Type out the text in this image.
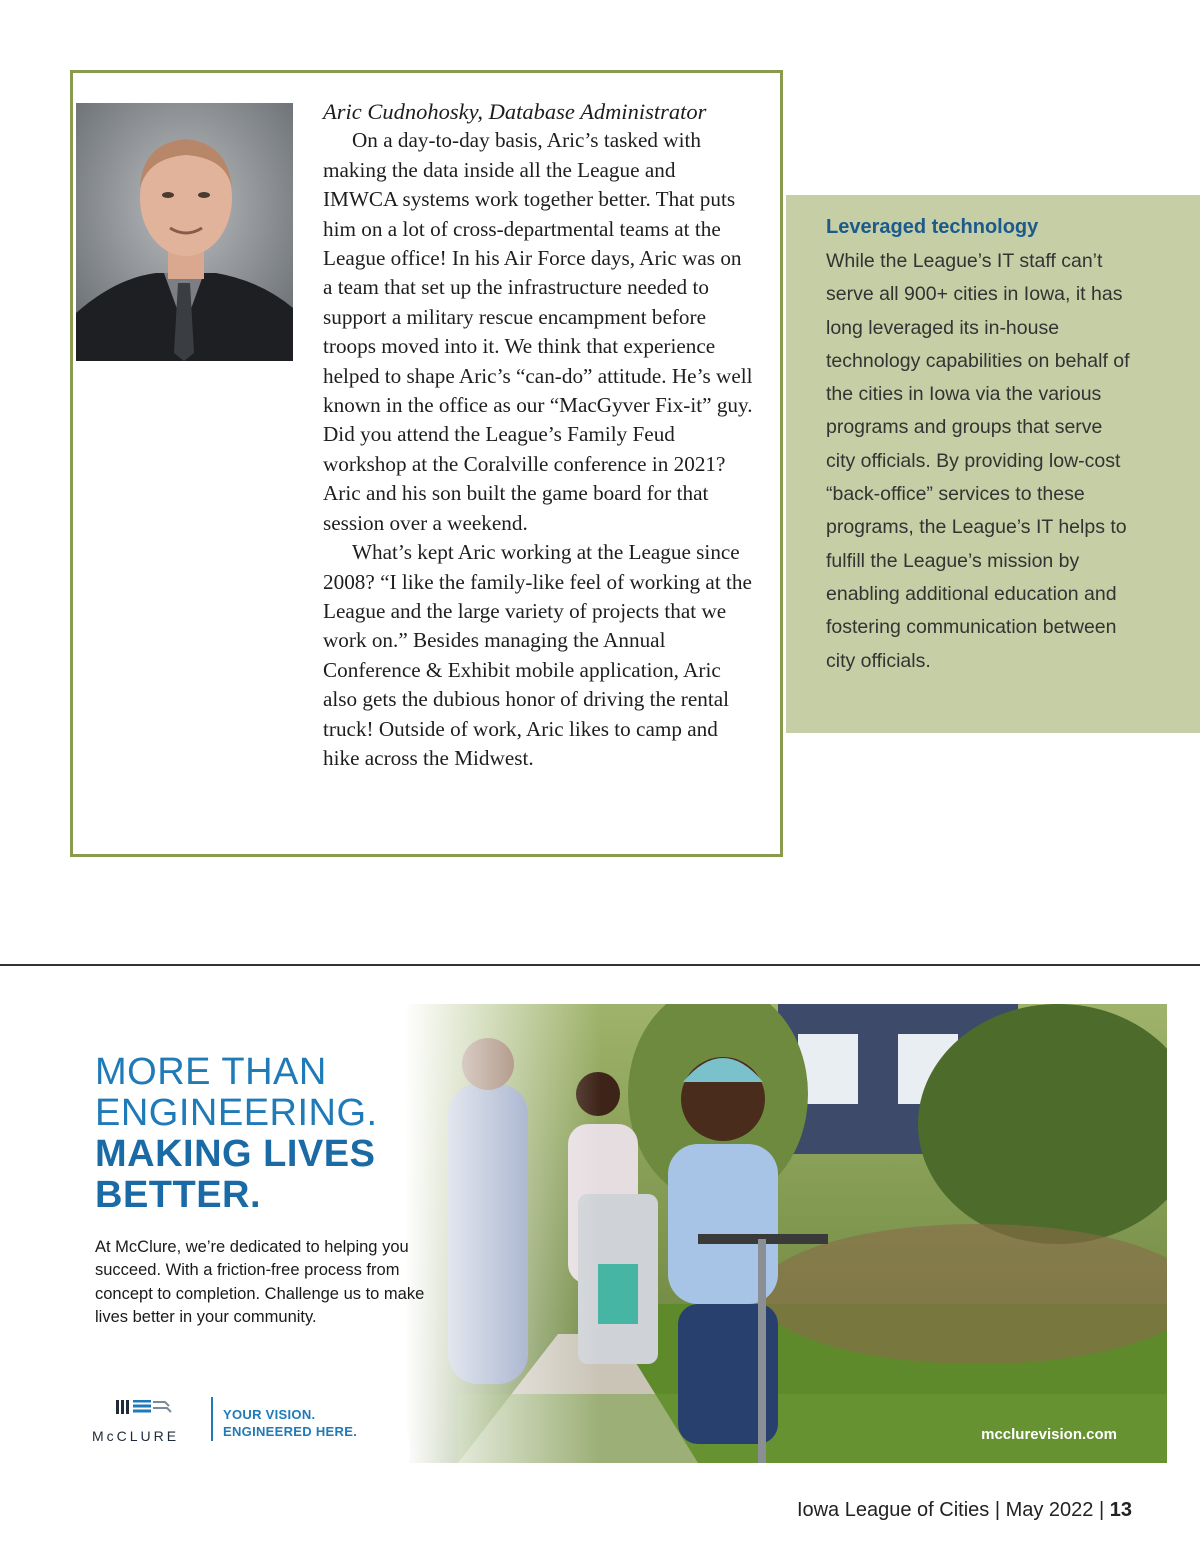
Aric Cudnohosky, Database Administrator

On a day-to-day basis, Aric’s tasked with making the data inside all the League and IMWCA systems work together better. That puts him on a lot of cross-departmental teams at the League office! In his Air Force days, Aric was on a team that set up the infrastructure needed to support a military rescue encampment before troops moved into it. We think that experience helped to shape Aric’s “can-do” attitude. He’s well known in the office as our “MacGyver Fix-it” guy. Did you attend the League’s Family Feud workshop at the Coralville conference in 2021? Aric and his son built the game board for that session over a weekend.

What’s kept Aric working at the League since 2008? “I like the family-like feel of working at the League and the large variety of projects that we work on.” Besides managing the Annual Conference & Exhibit mobile application, Aric also gets the dubious honor of driving the rental truck! Outside of work, Aric likes to camp and hike across the Midwest.

Leveraged technology

While the League’s IT staff can’t serve all 900+ cities in Iowa, it has long leveraged its in-house technology capabilities on behalf of the cities in Iowa via the various programs and groups that serve city officials. By providing low-cost “back-office” services to these programs, the League’s IT helps to fulfill the League’s mission by enabling additional education and fostering communication between city officials.

MORE THAN
ENGINEERING.
MAKING LIVES
BETTER.
At McClure, we’re dedicated to helping you succeed. With a friction-free process from concept to completion. Challenge us to make lives better in your community.
McCLURE
YOUR VISION.
ENGINEERED HERE.	mcclurevision.com
Iowa League of Cities | May 2022 | 13
